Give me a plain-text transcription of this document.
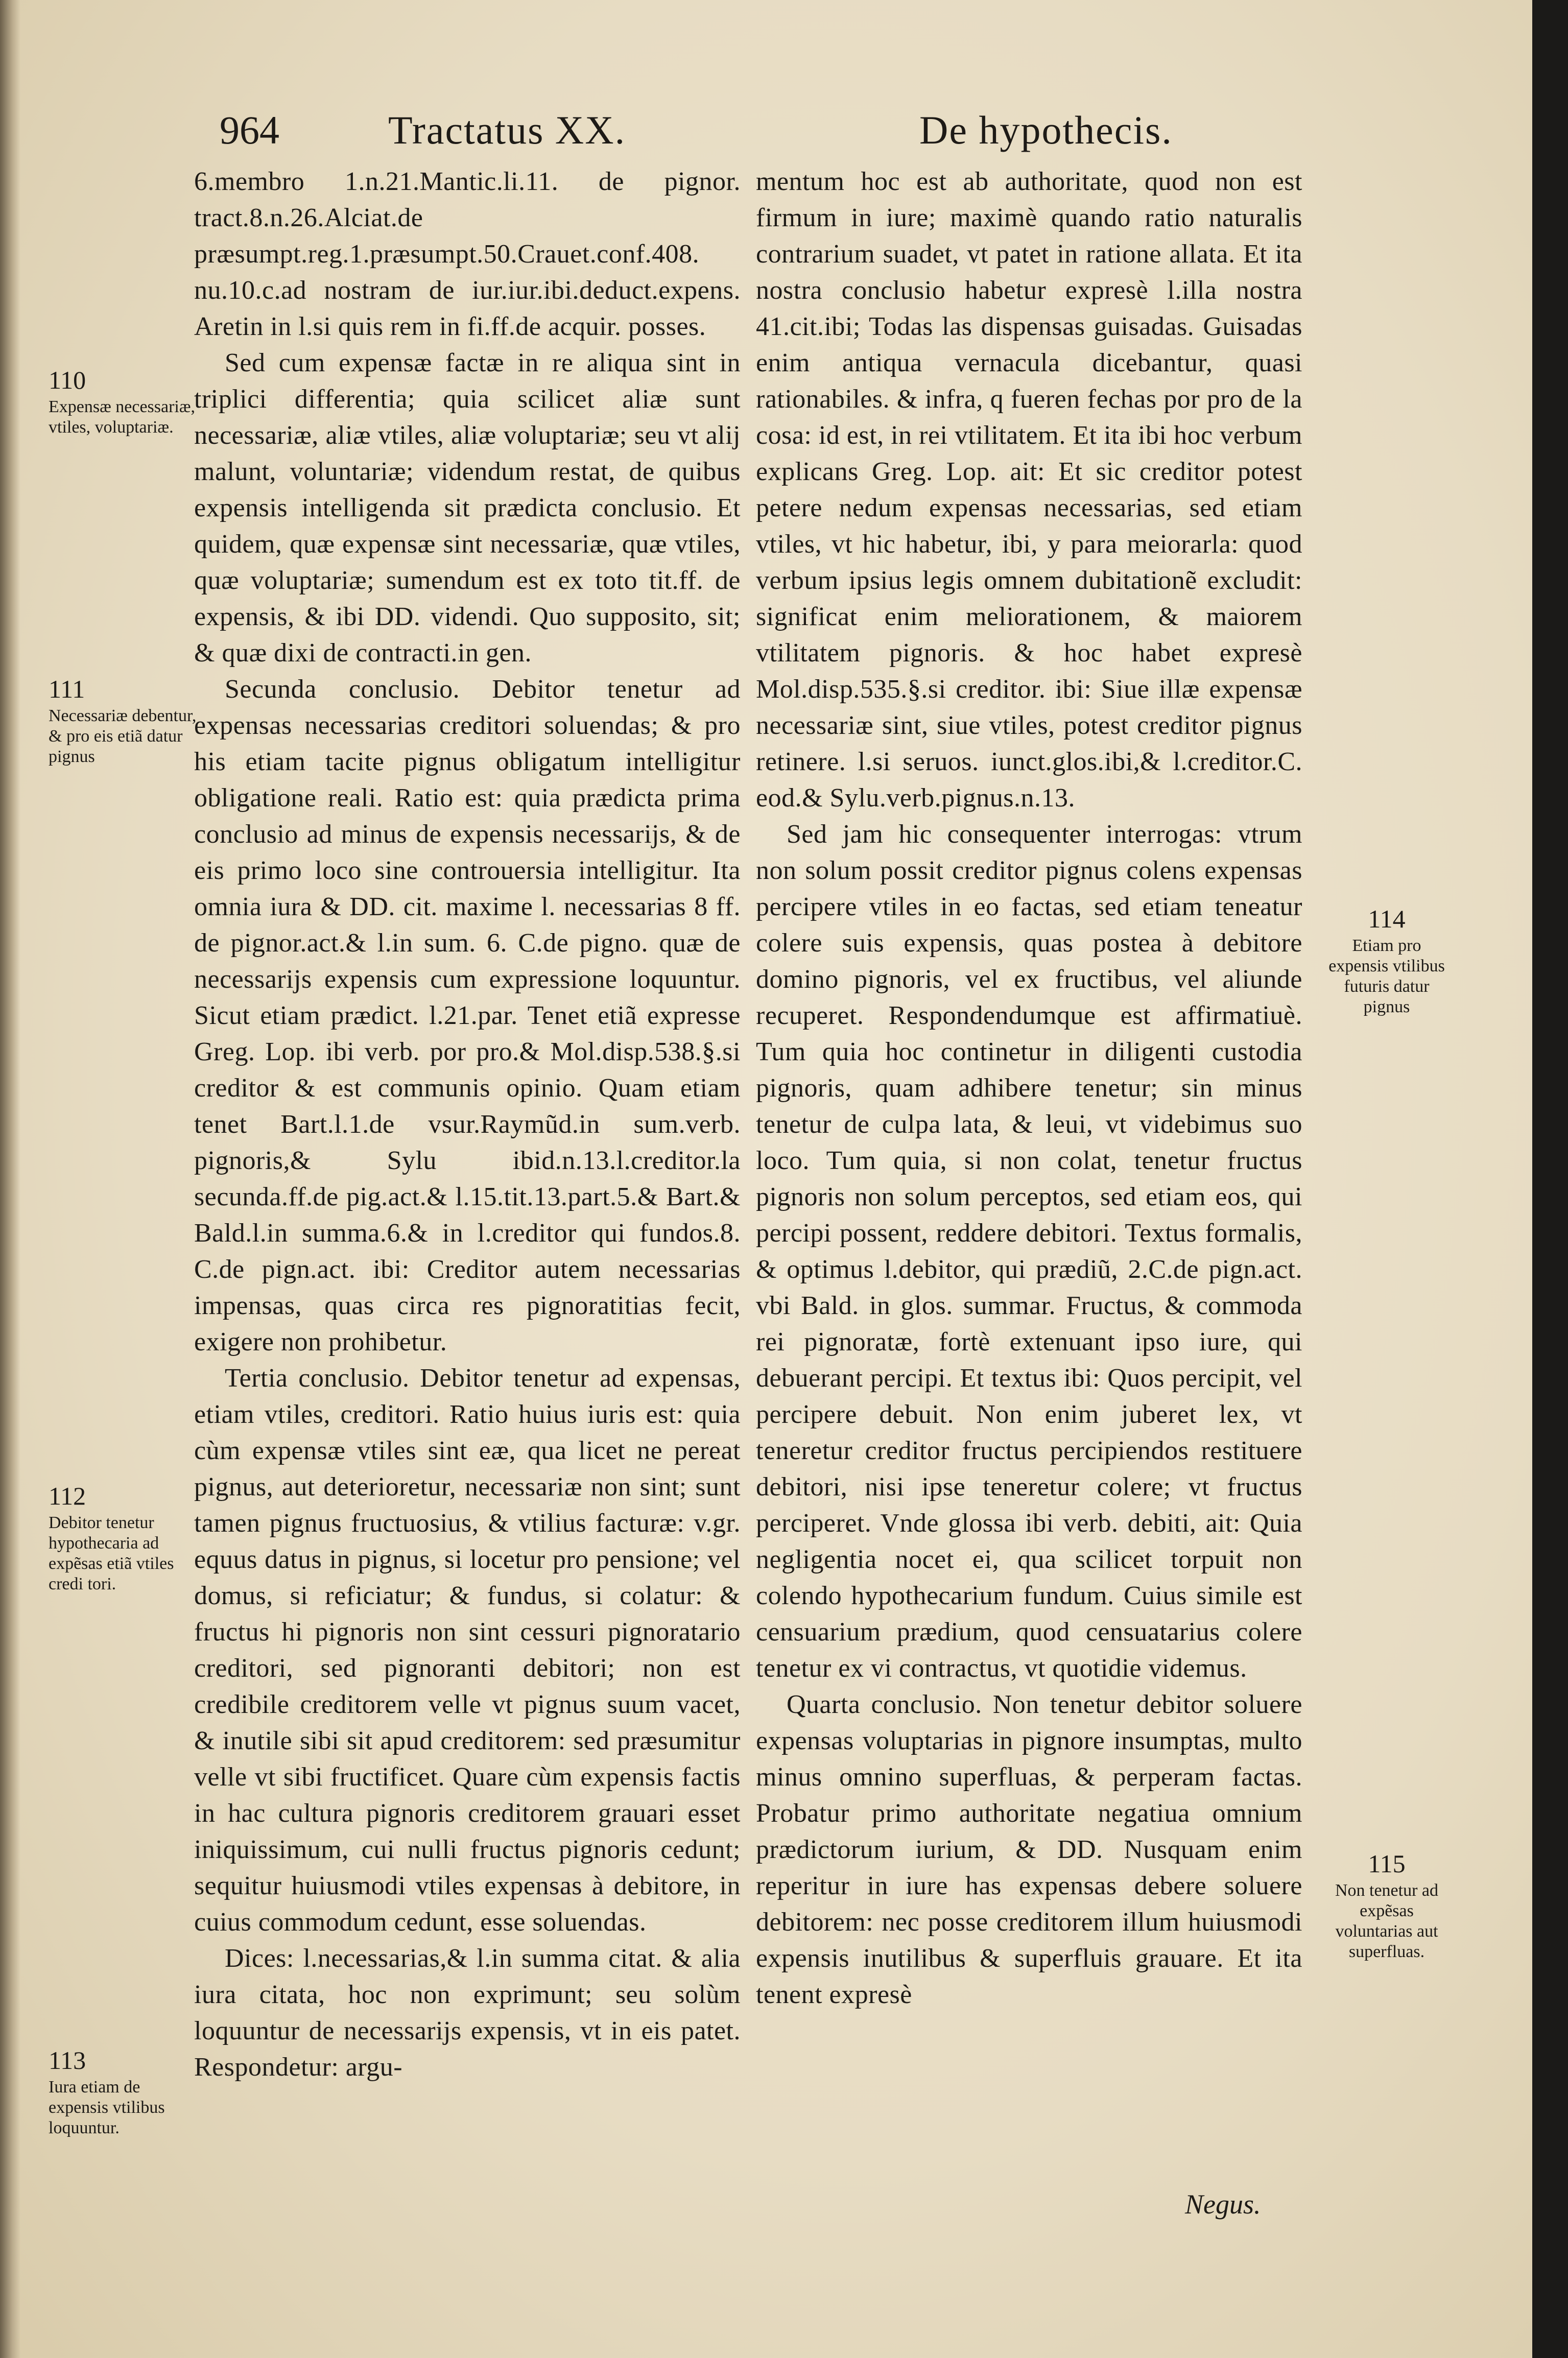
964	Tractatus XX.	De hypothecis.

6.membro 1.n.21.Mantic.li.11. de pignor. tract.8.n.26.Alciat.de præsumpt.reg.1.præsumpt.50.Crauet.conf.408. nu.10.c.ad nostram de iur.iur.ibi.deduct.expens. Aretin in l.si quis rem in fi.ff.de acquir. posses.

Sed cum expensæ factæ in re aliqua sint in triplici differentia; quia scilicet aliæ sunt necessariæ, aliæ vtiles, aliæ voluptariæ; seu vt alij malunt, voluntariæ; videndum restat, de quibus expensis intelligenda sit prædicta conclusio. Et quidem, quæ expensæ sint necessariæ, quæ vtiles, quæ voluptariæ; sumendum est ex toto tit.ff. de expensis, & ibi DD. videndi. Quo supposito, sit; & quæ dixi de contracti.in gen.

Secunda conclusio. Debitor tenetur ad expensas necessarias creditori soluendas; & pro his etiam tacite pignus obligatum intelligitur obligatione reali. Ratio est: quia prædicta prima conclusio ad minus de expensis necessarijs, & de eis primo loco sine controuersia intelligitur. Ita omnia iura & DD. cit. maxime l. necessarias 8 ff. de pignor.act.& l.in sum. 6. C.de pigno. quæ de necessarijs expensis cum expressione loquuntur. Sicut etiam prædict. l.21.par. Tenet etiã expresse Greg. Lop. ibi verb. por pro.& Mol.disp.538.§.si creditor & est communis opinio. Quam etiam tenet Bart.l.1.de vsur.Raymũd.in sum.verb. pignoris,& Sylu ibid.n.13.l.creditor.la secunda.ff.de pig.act.& l.15.tit.13.part.5.& Bart.& Bald.l.in summa.6.& in l.creditor qui fundos.8. C.de pign.act. ibi: Creditor autem necessarias impensas, quas circa res pignoratitias fecit, exigere non prohibetur.

Tertia conclusio. Debitor tenetur ad expensas, etiam vtiles, creditori. Ratio huius iuris est: quia cùm expensæ vtiles sint eæ, qua licet ne pereat pignus, aut deterioretur, necessariæ non sint; sunt tamen pignus fructuosius, & vtilius facturæ: v.gr. equus datus in pignus, si locetur pro pensione; vel domus, si reficiatur; & fundus, si colatur: & fructus hi pignoris non sint cessuri pignoratario creditori, sed pignoranti debitori; non est credibile creditorem velle vt pignus suum vacet, & inutile sibi sit apud creditorem: sed præsumitur velle vt sibi fructificet. Quare cùm expensis factis in hac cultura pignoris creditorem grauari esset iniquissimum, cui nulli fructus pignoris cedunt; sequitur huiusmodi vtiles expensas à debitore, in cuius commodum cedunt, esse soluendas.

Dices: l.necessarias,& l.in summa citat. & alia iura citata, hoc non exprimunt; seu solùm loquuntur de necessarijs expensis, vt in eis patet. Respondetur: argu-

mentum hoc est ab authoritate, quod non est firmum in iure; maximè quando ratio naturalis contrarium suadet, vt patet in ratione allata. Et ita nostra conclusio habetur expresè l.illa nostra 41.cit.ibi; Todas las dispensas guisadas. Guisadas enim antiqua vernacula dicebantur, quasi rationabiles. & infra, q fueren fechas por pro de la cosa: id est, in rei vtilitatem. Et ita ibi hoc verbum explicans Greg. Lop. ait: Et sic creditor potest petere nedum expensas necessarias, sed etiam vtiles, vt hic habetur, ibi, y para meiorarla: quod verbum ipsius legis omnem dubitationẽ excludit: significat enim meliorationem, & maiorem vtilitatem pignoris. & hoc habet expresè Mol.disp.535.§.si creditor. ibi: Siue illæ expensæ necessariæ sint, siue vtiles, potest creditor pignus retinere. l.si seruos. iunct.glos.ibi,& l.creditor.C. eod.& Sylu.verb.pignus.n.13.

Sed jam hic consequenter interrogas: vtrum non solum possit creditor pignus colens expensas percipere vtiles in eo factas, sed etiam teneatur colere suis expensis, quas postea à debitore domino pignoris, vel ex fructibus, vel aliunde recuperet. Respondendumque est affirmatiuè. Tum quia hoc continetur in diligenti custodia pignoris, quam adhibere tenetur; sin minus tenetur de culpa lata, & leui, vt videbimus suo loco. Tum quia, si non colat, tenetur fructus pignoris non solum perceptos, sed etiam eos, qui percipi possent, reddere debitori. Textus formalis, & optimus l.debitor, qui prædiũ, 2.C.de pign.act. vbi Bald. in glos. summar. Fructus, & commoda rei pignoratæ, fortè extenuant ipso iure, qui debuerant percipi. Et textus ibi: Quos percipit, vel percipere debuit. Non enim juberet lex, vt teneretur creditor fructus percipiendos restituere debitori, nisi ipse teneretur colere; vt fructus perciperet. Vnde glossa ibi verb. debiti, ait: Quia negligentia nocet ei, qua scilicet torpuit non colendo hypothecarium fundum. Cuius simile est censuarium prædium, quod censuatarius colere tenetur ex vi contractus, vt quotidie videmus.

Quarta conclusio. Non tenetur debitor soluere expensas voluptarias in pignore insumptas, multo minus omnino superfluas, & perperam factas. Probatur primo authoritate negatiua omnium prædictorum iurium, & DD. Nusquam enim reperitur in iure has expensas debere soluere debitorem: nec posse creditorem illum huiusmodi expensis inutilibus & superfluis grauare. Et ita tenent expresè

110
Expensæ necessariæ, vtiles, voluptariæ.
111
Necessariæ debentur, & pro eis etiã datur pignus
112
Debitor tenetur hypothecaria ad expẽsas etiã vtiles credi tori.
113
Iura etiam de expensis vtilibus loquuntur.
114
Etiam pro expensis vtilibus futuris datur pignus
115
Non tenetur ad expẽsas voluntarias aut superfluas.
Negus.
